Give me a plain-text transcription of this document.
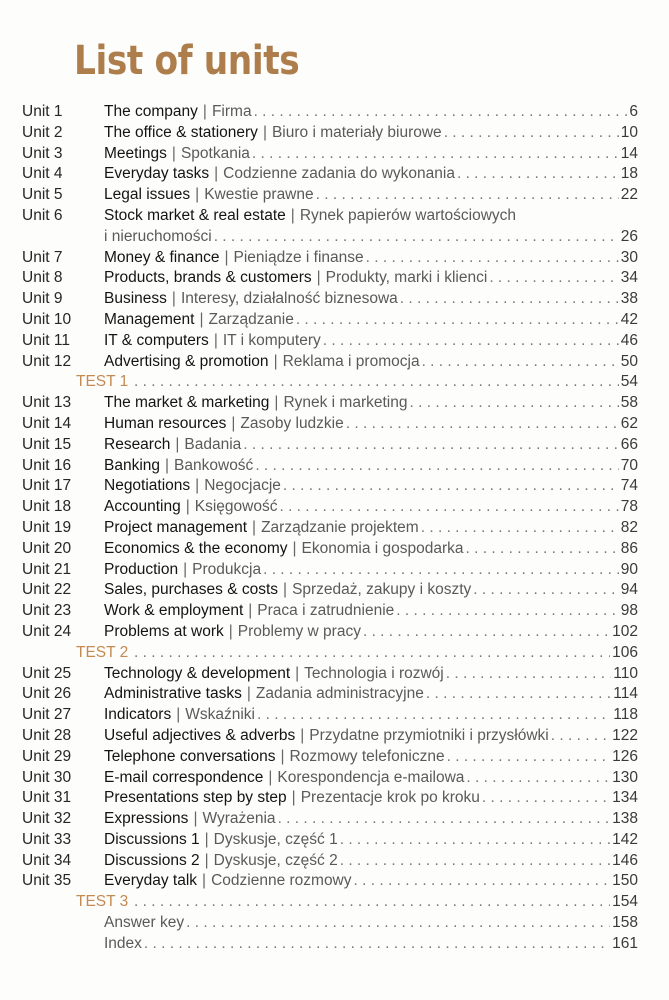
List of units
Unit 1	The company | Firma . . .	6
Unit 2	The office & stationery | Biuro i materiały biurowe . . .	10
Unit 3	Meetings | Spotkania . . .	14
Unit 4	Everyday tasks | Codzienne zadania do wykonania . . .	18
Unit 5	Legal issues | Kwestie prawne . . .	22
Unit 6	Stock market & real estate | Rynek papierów wartościowych
i nieruchomości . . .	26
Unit 7	Money & finance | Pieniądze i finanse . . .	30
Unit 8	Products, brands & customers | Produkty, marki i klienci . . .	34
Unit 9	Business | Interesy, działalność biznesowa . . .	38
Unit 10	Management | Zarządzanie . . .	42
Unit 11	IT & computers | IT i komputery . . .	46
Unit 12	Advertising & promotion | Reklama i promocja . . .	50
TEST 1 . . .	54
Unit 13	The market & marketing | Rynek i marketing . . .	58
Unit 14	Human resources | Zasoby ludzkie . . .	62
Unit 15	Research | Badania . . .	66
Unit 16	Banking | Bankowość . . .	70
Unit 17	Negotiations | Negocjacje . . .	74
Unit 18	Accounting | Księgowość . . .	78
Unit 19	Project management | Zarządzanie projektem . . .	82
Unit 20	Economics & the economy | Ekonomia i gospodarka . . .	86
Unit 21	Production | Produkcja . . .	90
Unit 22	Sales, purchases & costs | Sprzedaż, zakupy i koszty . . .	94
Unit 23	Work & employment | Praca i zatrudnienie . . .	98
Unit 24	Problems at work | Problemy w pracy . . .	102
TEST 2 . . .	106
Unit 25	Technology & development | Technologia i rozwój . . .	110
Unit 26	Administrative tasks | Zadania administracyjne . . .	114
Unit 27	Indicators | Wskaźniki . . .	118
Unit 28	Useful adjectives & adverbs | Przydatne przymiotniki i przysłówki . . .	122
Unit 29	Telephone conversations | Rozmowy telefoniczne . . .	126
Unit 30	E-mail correspondence | Korespondencja e-mailowa . . .	130
Unit 31	Presentations step by step | Prezentacje krok po kroku . . .	134
Unit 32	Expressions | Wyrażenia . . .	138
Unit 33	Discussions 1 | Dyskusje, część 1 . . .	142
Unit 34	Discussions 2 | Dyskusje, część 2 . . .	146
Unit 35	Everyday talk | Codzienne rozmowy . . .	150
TEST 3 . . .	154
Answer key . . .	158
Index . . .	161
